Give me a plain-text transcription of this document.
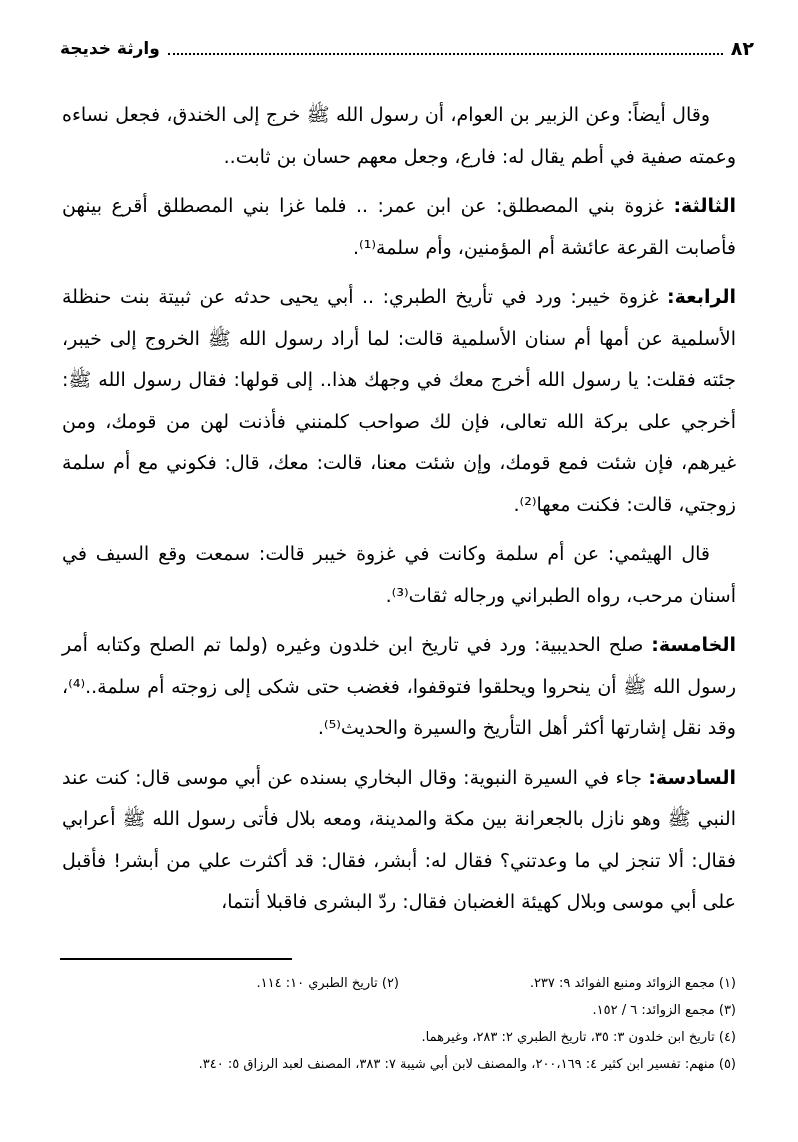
٨٢
وارثة خديجة

وقال أيضاً: وعن الزبير بن العوام، أن رسول الله ﷺ خرج إلى الخندق، فجعل نساءه وعمته صفية في أطم يقال له: فارع، وجعل معهم حسان بن ثابت..

الثالثة: غزوة بني المصطلق: عن ابن عمر: .. فلما غزا بني المصطلق أقرع بينهن فأصابت القرعة عائشة أم المؤمنين، وأم سلمة⁽¹⁾.

الرابعة: غزوة خيبر: ورد في تأريخ الطبري: .. أبي يحيى حدثه عن ثبيتة بنت حنظلة الأسلمية عن أمها أم سنان الأسلمية قالت: لما أراد رسول الله ﷺ الخروج إلى خيبر، جئته فقلت: يا رسول الله أخرج معك في وجهك هذا.. إلى قولها: فقال رسول الله ﷺ: أخرجي على بركة الله تعالى، فإن لك صواحب كلمنني فأذنت لهن من قومك، ومن غيرهم، فإن شئت فمع قومك، وإن شئت معنا، قالت: معك، قال: فكوني مع أم سلمة زوجتي، قالت: فكنت معها⁽²⁾.

قال الهيثمي: عن أم سلمة وكانت في غزوة خيبر قالت: سمعت وقع السيف في أسنان مرحب، رواه الطبراني ورجاله ثقات⁽³⁾.

الخامسة: صلح الحديبية: ورد في تاريخ ابن خلدون وغيره (ولما تم الصلح وكتابه أمر رسول الله ﷺ أن ينحروا ويحلقوا فتوقفوا، فغضب حتى شكى إلى زوجته أم سلمة..⁽⁴⁾، وقد نقل إشارتها أكثر أهل التأريخ والسيرة والحديث⁽⁵⁾.

السادسة: جاء في السيرة النبوية: وقال البخاري بسنده عن أبي موسى قال: كنت عند النبي ﷺ وهو نازل بالجعرانة بين مكة والمدينة، ومعه بلال فأتى رسول الله ﷺ أعرابي فقال: ألا تنجز لي ما وعدتني؟ فقال له: أبشر، فقال: قد أكثرت علي من أبشر! فأقبل على أبي موسى وبلال كهيئة الغضبان فقال: ردّ البشرى فاقبلا أنتما،

(١) مجمع الزوائد ومنبع الفوائد ٩: ٢٣٧.
(٢) تاريخ الطبري ١٠: ١١٤.
(٣) مجمع الزوائد: ٦ / ١٥٢.
(٤) تاريخ ابن خلدون ٣: ٣٥، تاريخ الطبري ٢: ٢٨٣، وغيرهما.
(٥) منهم: تفسير ابن كثير ٤: ٢٠٠،١٦٩، والمصنف لابن أبي شيبة ٧: ٣٨٣، المصنف لعبد الرزاق ٥: ٣٤٠.
